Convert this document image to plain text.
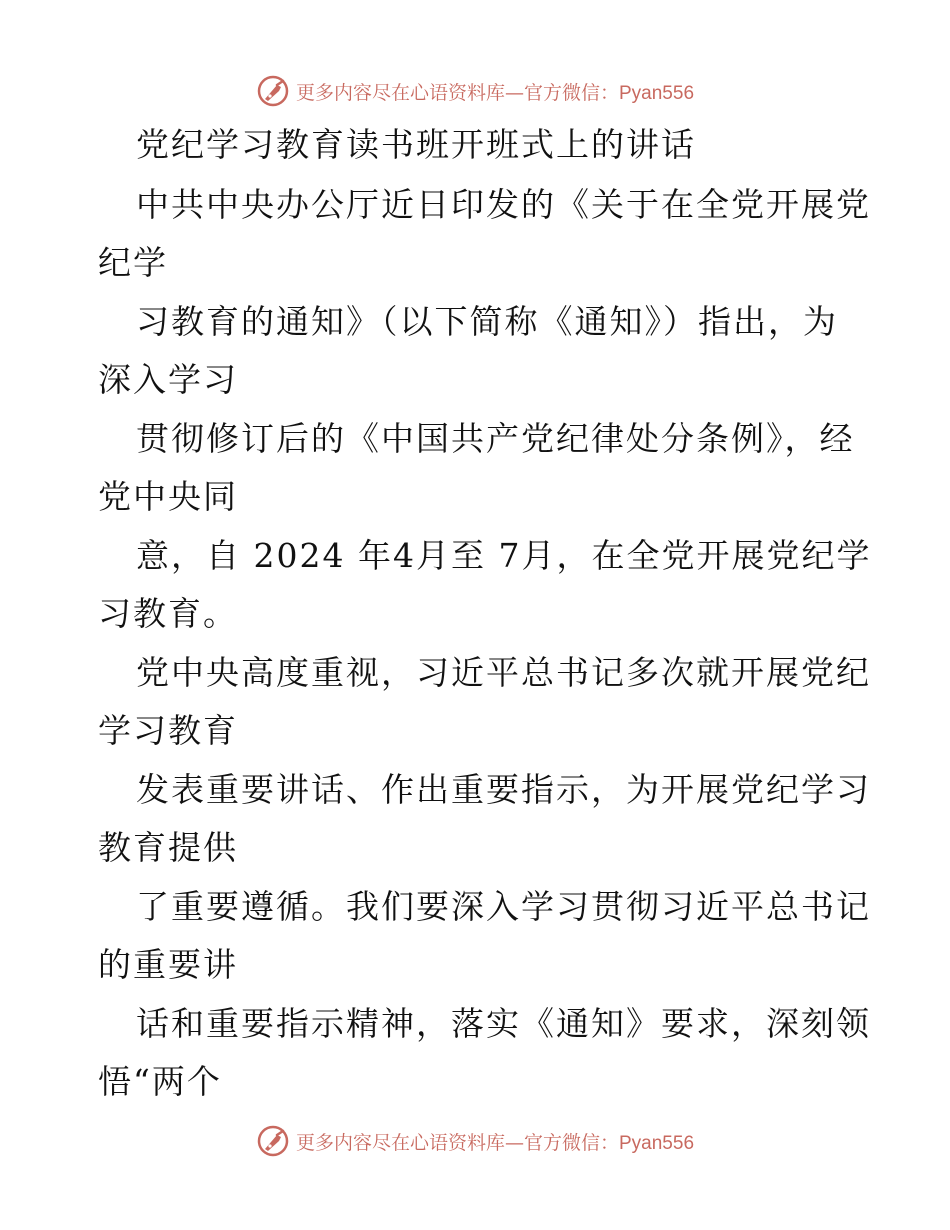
更多内容尽在心语资料库—官方微信：Pyan556
党纪学习教育读书班开班式上的讲话
中共中央办公厅近日印发的《关于在全党开展党
纪学
习教育的通知》（以下简称《通知》）指出，为
深入学习
贯彻修订后的《中国共产党纪律处分条例》，经
党中央同
意，自 2024 年4月至 7月，在全党开展党纪学
习教育。
党中央高度重视，习近平总书记多次就开展党纪
学习教育
发表重要讲话、作出重要指示，为开展党纪学习
教育提供
了重要遵循。我们要深入学习贯彻习近平总书记
的重要讲
话和重要指示精神，落实《通知》要求，深刻领
悟“两个
更多内容尽在心语资料库—官方微信：Pyan556
